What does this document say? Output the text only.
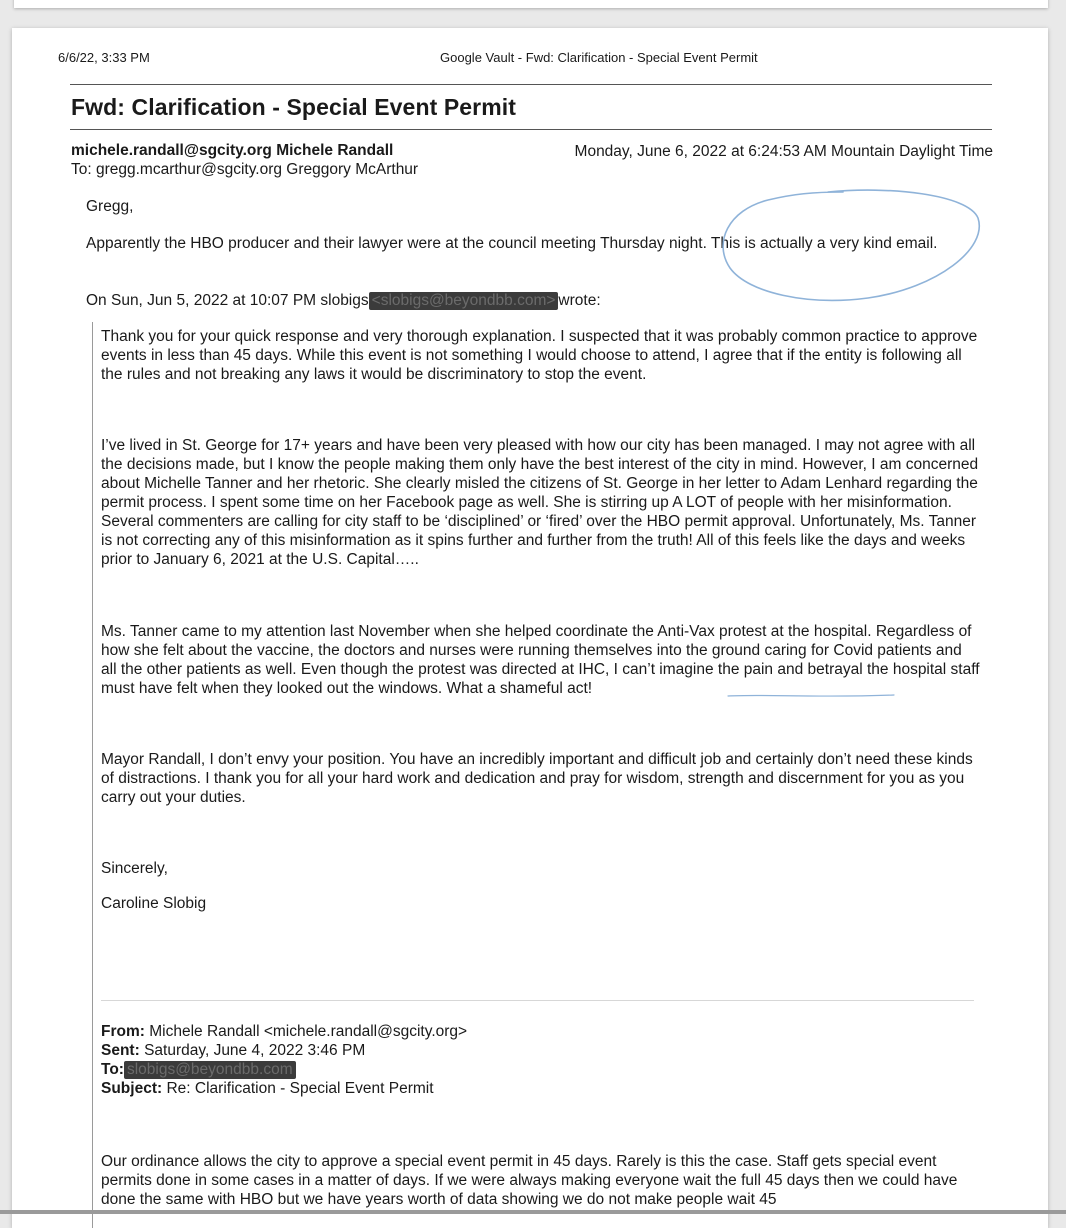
6/6/22, 3:33 PM	Google Vault - Fwd: Clarification - Special Event Permit
Fwd: Clarification - Special Event Permit
michele.randall@sgcity.org Michele Randall	Monday, June 6, 2022 at 6:24:53 AM Mountain Daylight Time
To: gregg.mcarthur@sgcity.org Greggory McArthur
Gregg,
Apparently the HBO producer and their lawyer were at the council meeting Thursday night. This is actually a very kind email.
On Sun, Jun 5, 2022 at 10:07 PM slobigs <slobigs@beyondbb.com> wrote:

Thank you for your quick response and very thorough explanation. I suspected that it was probably common practice to approve events in less than 45 days. While this event is not something I would choose to attend, I agree that if the entity is following all the rules and not breaking any laws it would be discriminatory to stop the event.

I’ve lived in St. George for 17+ years and have been very pleased with how our city has been managed. I may not agree with all the decisions made, but I know the people making them only have the best interest of the city in mind. However, I am concerned about Michelle Tanner and her rhetoric. She clearly misled the citizens of St. George in her letter to Adam Lenhard regarding the permit process. I spent some time on her Facebook page as well. She is stirring up A LOT of people with her misinformation. Several commenters are calling for city staff to be ‘disciplined’ or ‘fired’ over the HBO permit approval. Unfortunately, Ms. Tanner is not correcting any of this misinformation as it spins further and further from the truth! All of this feels like the days and weeks prior to January 6, 2021 at the U.S. Capital…..

Ms. Tanner came to my attention last November when she helped coordinate the Anti-Vax protest at the hospital. Regardless of how she felt about the vaccine, the doctors and nurses were running themselves into the ground caring for Covid patients and all the other patients as well. Even though the protest was directed at IHC, I can’t imagine the pain and betrayal the hospital staff must have felt when they looked out the windows. What a shameful act!

Mayor Randall, I don’t envy your position. You have an incredibly important and difficult job and certainly don’t need these kinds of distractions. I thank you for all your hard work and dedication and pray for wisdom, strength and discernment for you as you carry out your duties.

Sincerely,

Caroline Slobig

From: Michele Randall <michele.randall@sgcity.org>
Sent: Saturday, June 4, 2022 3:46 PM
To: slobigs@beyondbb.com
Subject: Re: Clarification - Special Event Permit

Our ordinance allows the city to approve a special event permit in 45 days. Rarely is this the case. Staff gets special event permits done in some cases in a matter of days. If we were always making everyone wait the full 45 days then we could have done the same with HBO but we have years worth of data showing we do not make people wait 45
